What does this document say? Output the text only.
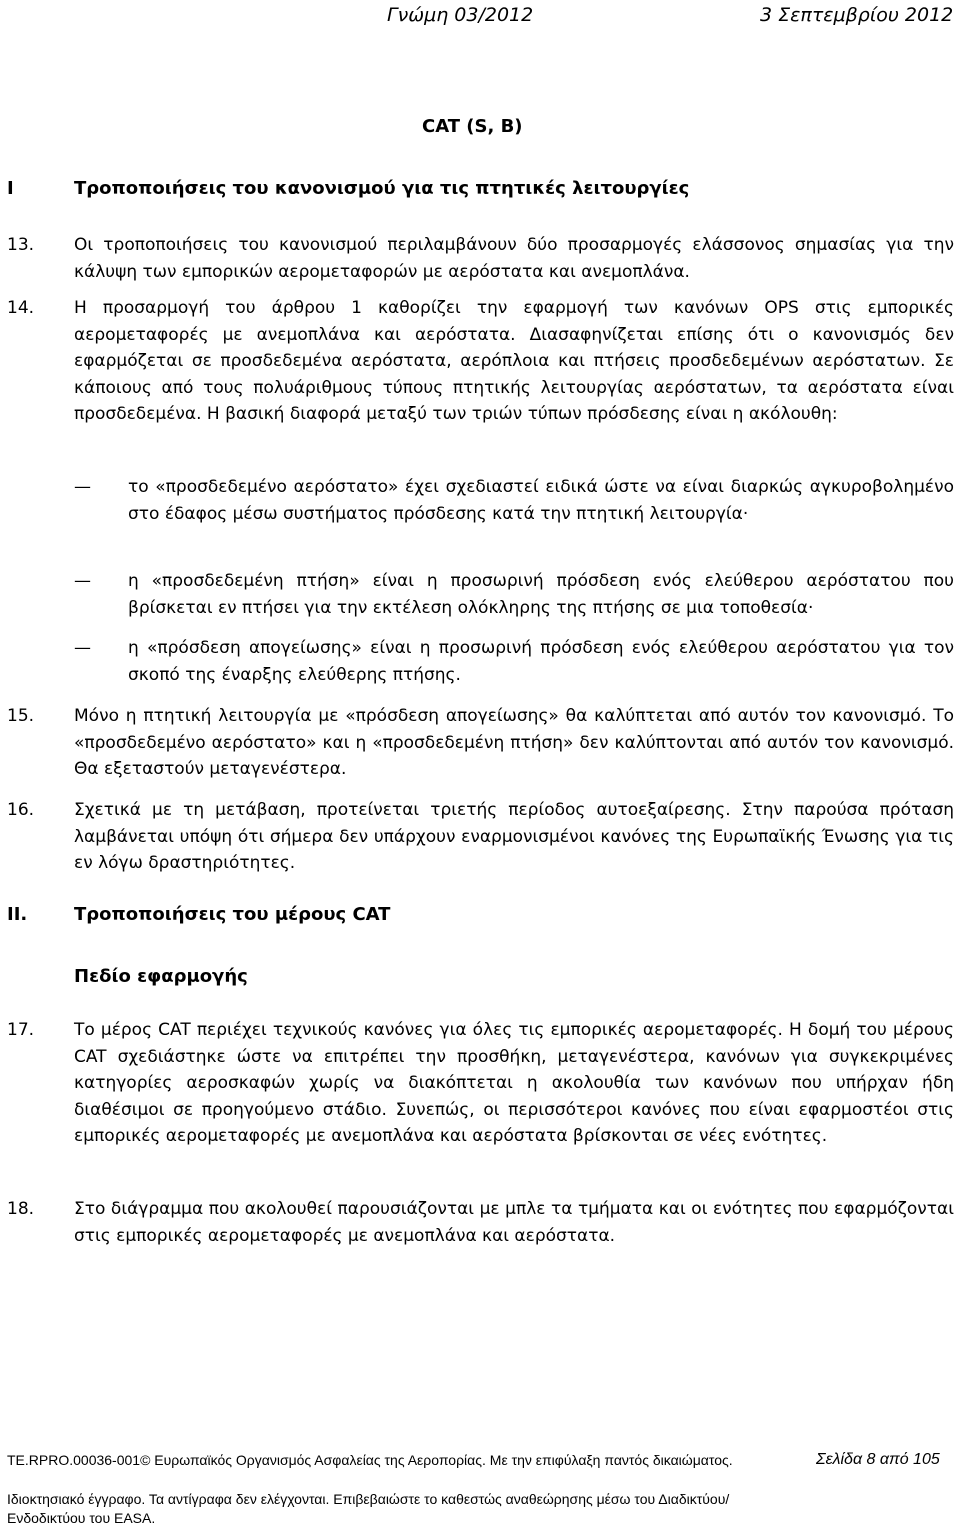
Γνώμη 03/2012	3 Σεπτεμβρίου 2012
CAT (S, B)
I	Τροποποιήσεις του κανονισμού για τις πτητικές λειτουργίες
13. Οι τροποποιήσεις του κανονισμού περιλαμβάνουν δύο προσαρμογές ελάσσονος σημασίας για την κάλυψη των εμπορικών αερομεταφορών με αερόστατα και ανεμοπλάνα.
14. Η προσαρμογή του άρθρου 1 καθορίζει την εφαρμογή των κανόνων OPS στις εμπορικές αερομεταφορές με ανεμοπλάνα και αερόστατα. Διασαφηνίζεται επίσης ότι ο κανονισμός δεν εφαρμόζεται σε προσδεδεμένα αερόστατα, αερόπλοια και πτήσεις προσδεδεμένων αερόστατων. Σε κάποιους από τους πολυάριθμους τύπους πτητικής λειτουργίας αερόστατων, τα αερόστατα είναι προσδεδεμένα. Η βασική διαφορά μεταξύ των τριών τύπων πρόσδεσης είναι η ακόλουθη:
— το «προσδεδεμένο αερόστατο» έχει σχεδιαστεί ειδικά ώστε να είναι διαρκώς αγκυροβολημένο στο έδαφος μέσω συστήματος πρόσδεσης κατά την πτητική λειτουργία·
— η «προσδεδεμένη πτήση» είναι η προσωρινή πρόσδεση ενός ελεύθερου αερόστατου που βρίσκεται εν πτήσει για την εκτέλεση ολόκληρης της πτήσης σε μια τοποθεσία·
— η «πρόσδεση απογείωσης» είναι η προσωρινή πρόσδεση ενός ελεύθερου αερόστατου για τον σκοπό της έναρξης ελεύθερης πτήσης.
15. Μόνο η πτητική λειτουργία με «πρόσδεση απογείωσης» θα καλύπτεται από αυτόν τον κανονισμό. Το «προσδεδεμένο αερόστατο» και η «προσδεδεμένη πτήση» δεν καλύπτονται από αυτόν τον κανονισμό. Θα εξεταστούν μεταγενέστερα.
16. Σχετικά με τη μετάβαση, προτείνεται τριετής περίοδος αυτοεξαίρεσης. Στην παρούσα πρόταση λαμβάνεται υπόψη ότι σήμερα δεν υπάρχουν εναρμονισμένοι κανόνες της Ευρωπαϊκής Ένωσης για τις εν λόγω δραστηριότητες.
II.	Τροποποιήσεις του μέρους CAT
Πεδίο εφαρμογής
17. Το μέρος CAT περιέχει τεχνικούς κανόνες για όλες τις εμπορικές αερομεταφορές. Η δομή του μέρους CAT σχεδιάστηκε ώστε να επιτρέπει την προσθήκη, μεταγενέστερα, κανόνων για συγκεκριμένες κατηγορίες αεροσκαφών χωρίς να διακόπτεται η ακολουθία των κανόνων που υπήρχαν ήδη διαθέσιμοι σε προηγούμενο στάδιο. Συνεπώς, οι περισσότεροι κανόνες που είναι εφαρμοστέοι στις εμπορικές αερομεταφορές με ανεμοπλάνα και αερόστατα βρίσκονται σε νέες ενότητες.
18. Στο διάγραμμα που ακολουθεί παρουσιάζονται με μπλε τα τμήματα και οι ενότητες που εφαρμόζονται στις εμπορικές αερομεταφορές με ανεμοπλάνα και αερόστατα.
TE.RPRO.00036-001© Ευρωπαϊκός Οργανισμός Ασφαλείας της Αεροπορίας. Με την επιφύλαξη παντός δικαιώματος.
Ιδιοκτησιακό έγγραφο. Τα αντίγραφα δεν ελέγχονται. Επιβεβαιώστε το καθεστώς αναθεώρησης μέσω του Διαδικτύου/Ενδοδικτύου του EASA.
Σελίδα 8 από 105
